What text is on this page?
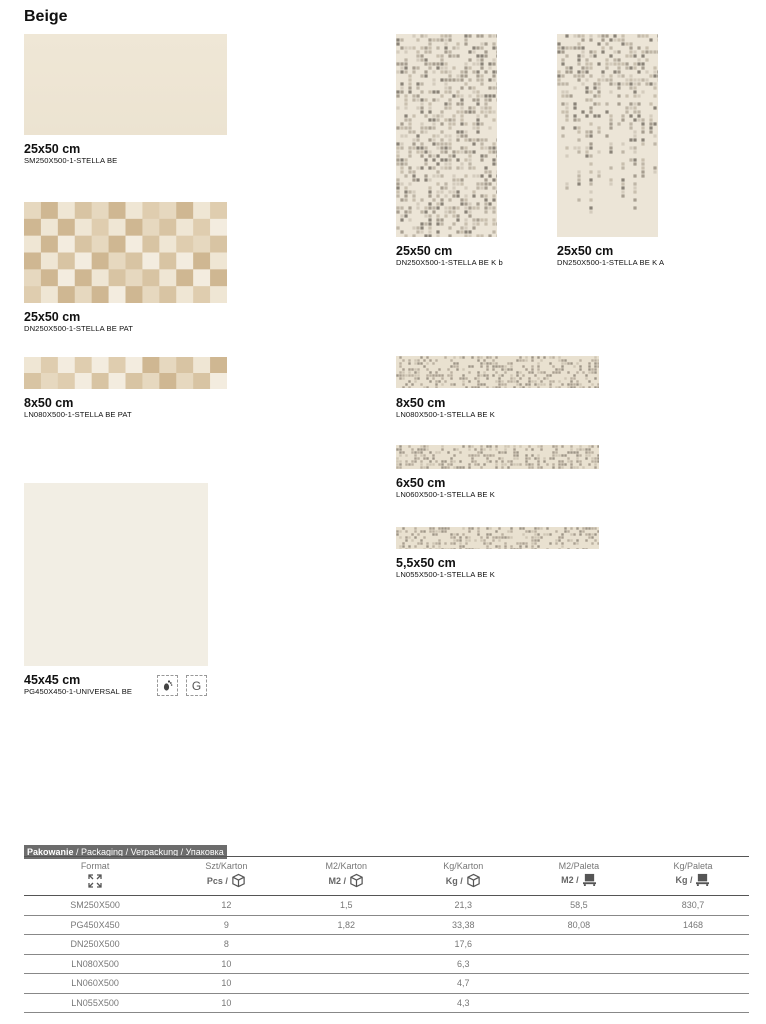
Beige
25x50 cm
SM250X500-1-STELLA BE
25x50 cm
DN250X500-1-STELLA BE PAT
8x50 cm
LN080X500-1-STELLA BE PAT
45x45 cm
PG450X450-1-UNIVERSAL BE	G
25x50 cm
DN250X500-1-STELLA BE K b
25x50 cm
DN250X500-1-STELLA BE K A
8x50 cm
LN080X500-1-STELLA BE K
6x50 cm
LN060X500-1-STELLA BE K
5,5x50 cm
LN055X500-1-STELLA BE K
Pakowanie / Packaging / Verpackung / Упаковка
Format	Szt/Karton	M2/Karton	Kg/Karton	M2/Paleta	Kg/Paleta

Pcs /	M2 /	Kg /	M2 /	Kg /

SM250X500	12	1,5	21,3	58,5	830,7
PG450X450	9	1,82	33,38	80,08	1468
DN250X500	8		17,6		
LN080X500	10		6,3		
LN060X500	10		4,7		
LN055X500	10		4,3		
